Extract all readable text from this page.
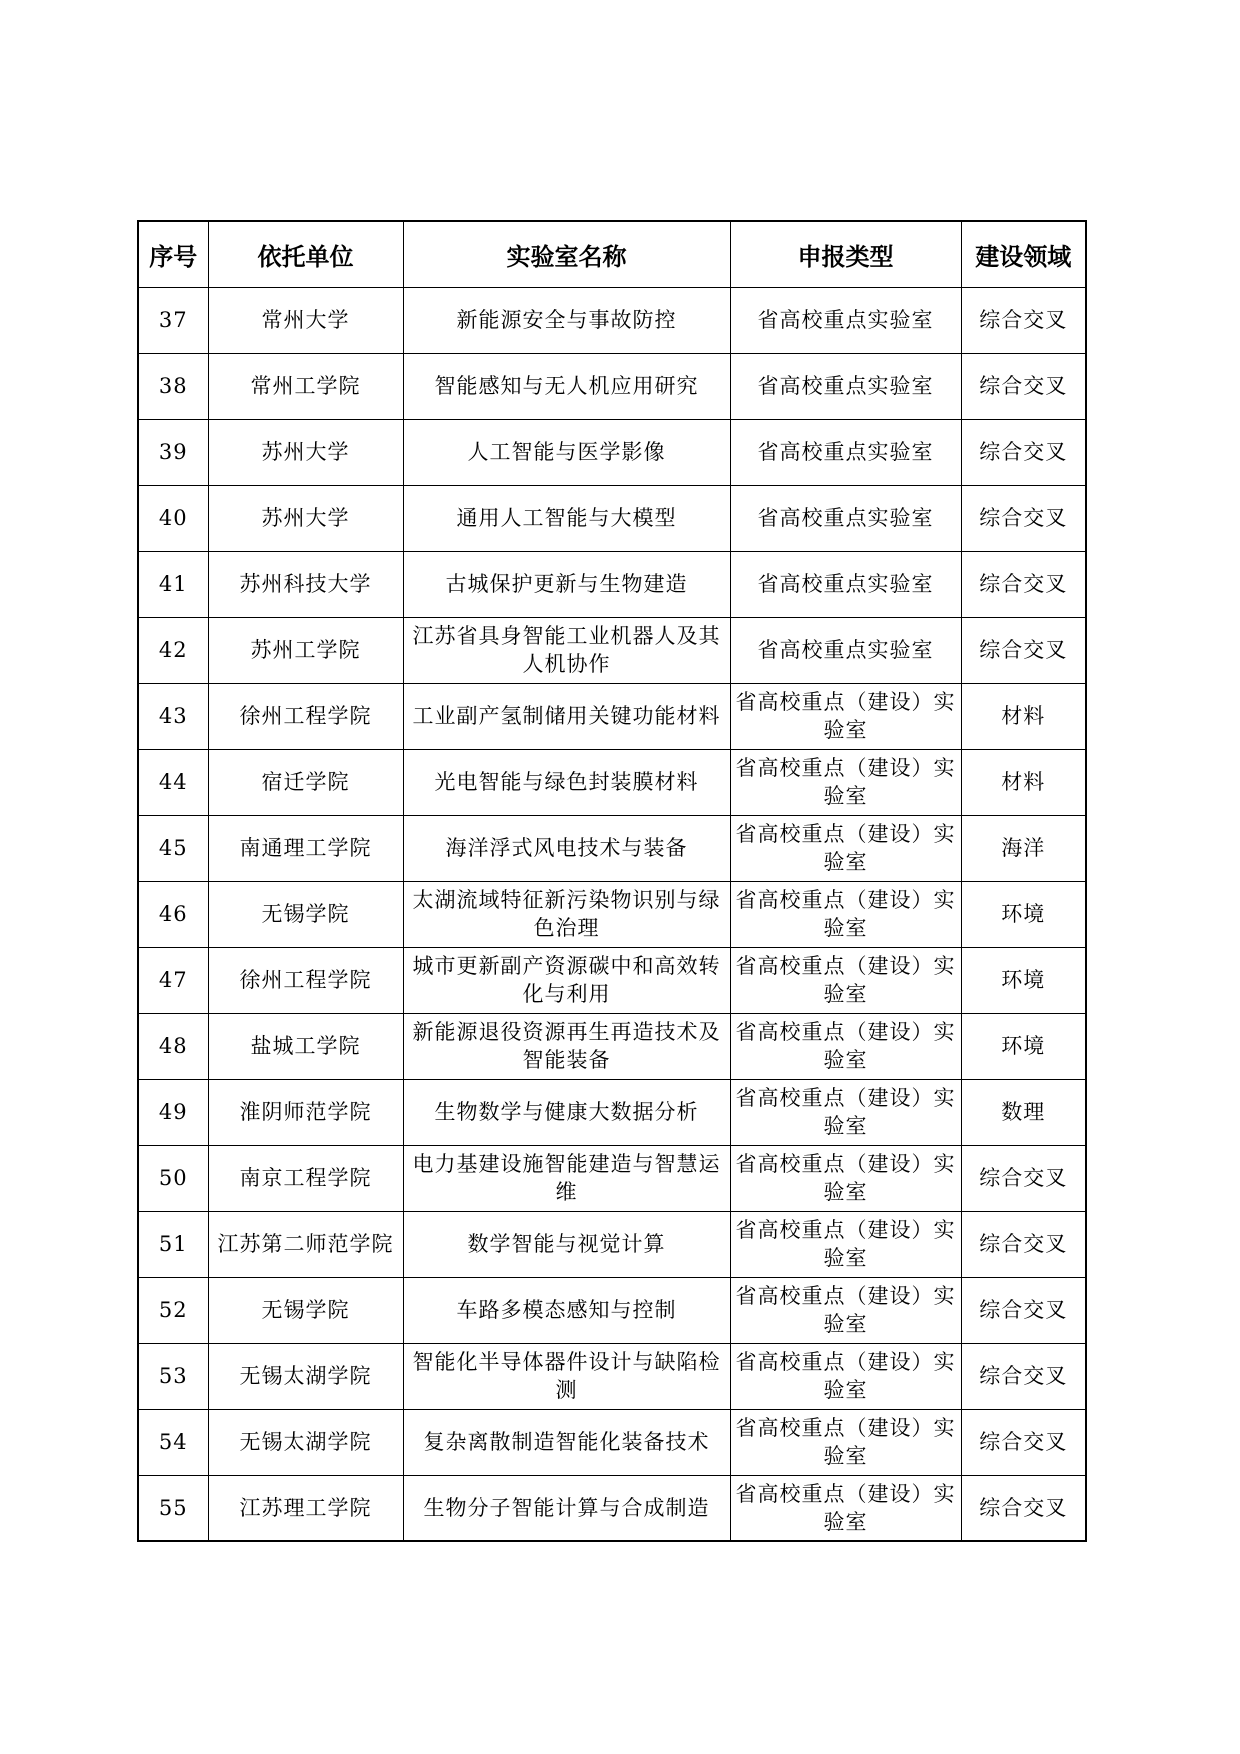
序号	依托单位	实验室名称	申报类型	建设领域
37	常州大学	新能源安全与事故防控	省高校重点实验室	综合交叉
38	常州工学院	智能感知与无人机应用研究	省高校重点实验室	综合交叉
39	苏州大学	人工智能与医学影像	省高校重点实验室	综合交叉
40	苏州大学	通用人工智能与大模型	省高校重点实验室	综合交叉
41	苏州科技大学	古城保护更新与生物建造	省高校重点实验室	综合交叉
42	苏州工学院	江苏省具身智能工业机器人及其人机协作	省高校重点实验室	综合交叉
43	徐州工程学院	工业副产氢制储用关键功能材料	省高校重点（建设）实验室	材料
44	宿迁学院	光电智能与绿色封装膜材料	省高校重点（建设）实验室	材料
45	南通理工学院	海洋浮式风电技术与装备	省高校重点（建设）实验室	海洋
46	无锡学院	太湖流域特征新污染物识别与绿色治理	省高校重点（建设）实验室	环境
47	徐州工程学院	城市更新副产资源碳中和高效转化与利用	省高校重点（建设）实验室	环境
48	盐城工学院	新能源退役资源再生再造技术及智能装备	省高校重点（建设）实验室	环境
49	淮阴师范学院	生物数学与健康大数据分析	省高校重点（建设）实验室	数理
50	南京工程学院	电力基建设施智能建造与智慧运维	省高校重点（建设）实验室	综合交叉
51	江苏第二师范学院	数学智能与视觉计算	省高校重点（建设）实验室	综合交叉
52	无锡学院	车路多模态感知与控制	省高校重点（建设）实验室	综合交叉
53	无锡太湖学院	智能化半导体器件设计与缺陷检测	省高校重点（建设）实验室	综合交叉
54	无锡太湖学院	复杂离散制造智能化装备技术	省高校重点（建设）实验室	综合交叉
55	江苏理工学院	生物分子智能计算与合成制造	省高校重点（建设）实验室	综合交叉
